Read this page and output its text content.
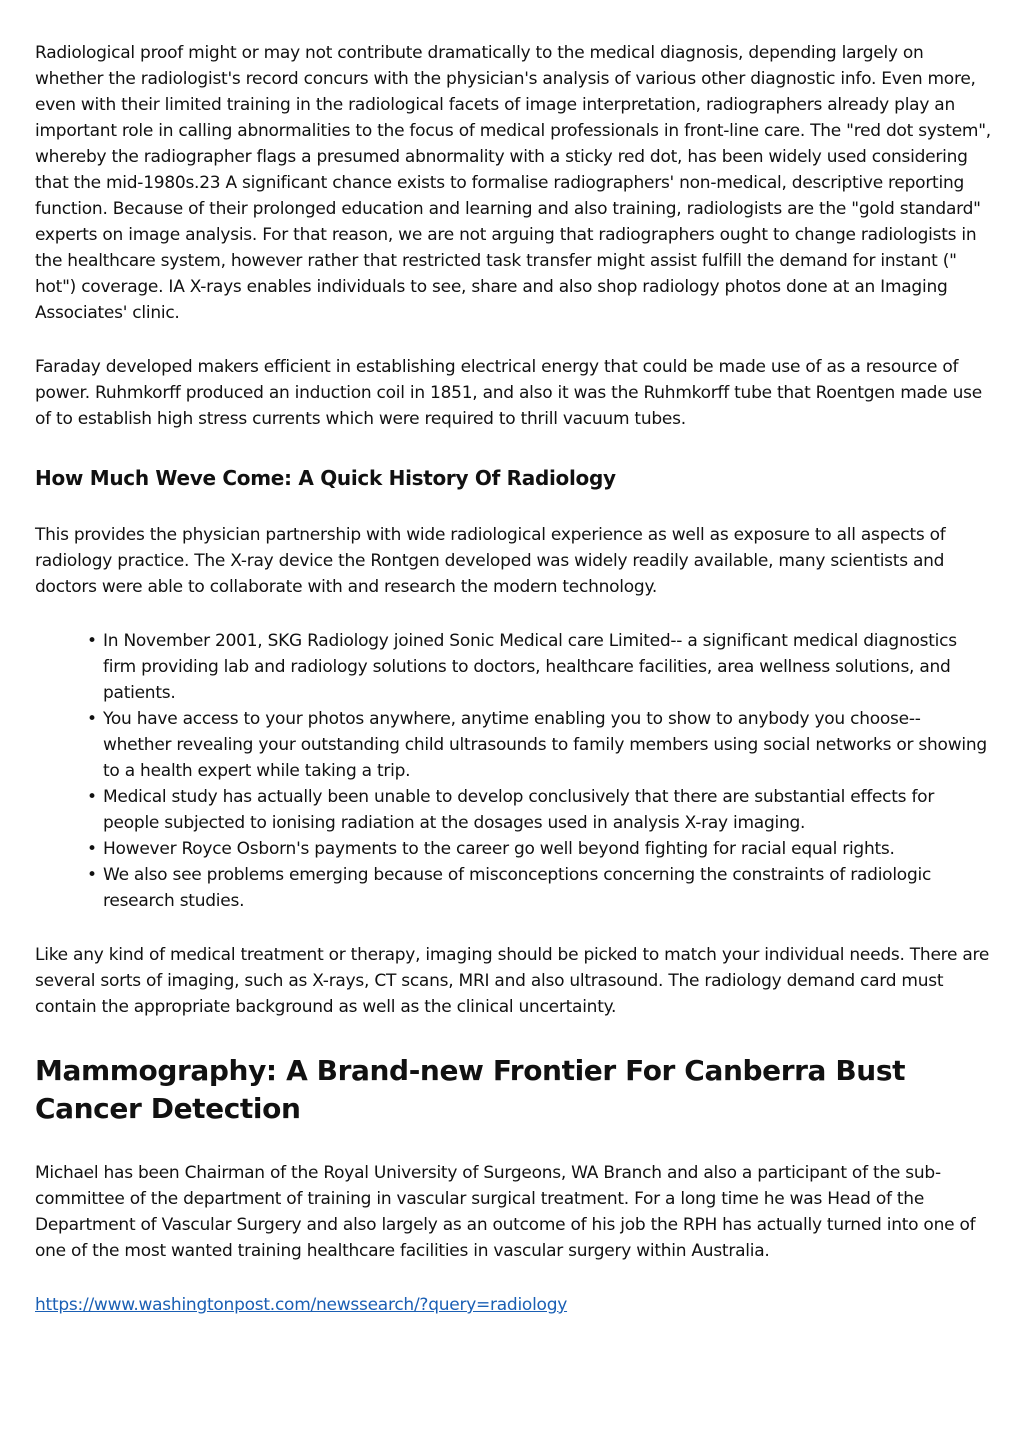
Radiological proof might or may not contribute dramatically to the medical diagnosis, depending largely on whether the radiologist's record concurs with the physician's analysis of various other diagnostic info. Even more, even with their limited training in the radiological facets of image interpretation, radiographers already play an important role in calling abnormalities to the focus of medical professionals in front-line care. The "red dot system", whereby the radiographer flags a presumed abnormality with a sticky red dot, has been widely used considering that the mid-1980s.23 A significant chance exists to formalise radiographers' non-medical, descriptive reporting function. Because of their prolonged education and learning and also training, radiologists are the "gold standard" experts on image analysis. For that reason, we are not arguing that radiographers ought to change radiologists in the healthcare system, however rather that restricted task transfer might assist fulfill the demand for instant (" hot") coverage. IA X-rays enables individuals to see, share and also shop radiology photos done at an Imaging Associates' clinic.

Faraday developed makers efficient in establishing electrical energy that could be made use of as a resource of power. Ruhmkorff produced an induction coil in 1851, and also it was the Ruhmkorff tube that Roentgen made use of to establish high stress currents which were required to thrill vacuum tubes.

How Much Weve Come: A Quick History Of Radiology

This provides the physician partnership with wide radiological experience as well as exposure to all aspects of radiology practice. The X-ray device the Rontgen developed was widely readily available, many scientists and doctors were able to collaborate with and research the modern technology.

• In November 2001, SKG Radiology joined Sonic Medical care Limited-- a significant medical diagnostics firm providing lab and radiology solutions to doctors, healthcare facilities, area wellness solutions, and patients.
• You have access to your photos anywhere, anytime enabling you to show to anybody you choose-- whether revealing your outstanding child ultrasounds to family members using social networks or showing to a health expert while taking a trip.
• Medical study has actually been unable to develop conclusively that there are substantial effects for people subjected to ionising radiation at the dosages used in analysis X-ray imaging.
• However Royce Osborn's payments to the career go well beyond fighting for racial equal rights.
• We also see problems emerging because of misconceptions concerning the constraints of radiologic research studies.

Like any kind of medical treatment or therapy, imaging should be picked to match your individual needs. There are several sorts of imaging, such as X-rays, CT scans, MRI and also ultrasound. The radiology demand card must contain the appropriate background as well as the clinical uncertainty.

Mammography: A Brand-new Frontier For Canberra Bust Cancer Detection

Michael has been Chairman of the Royal University of Surgeons, WA Branch and also a participant of the sub-committee of the department of training in vascular surgical treatment. For a long time he was Head of the Department of Vascular Surgery and also largely as an outcome of his job the RPH has actually turned into one of one of the most wanted training healthcare facilities in vascular surgery within Australia.

https://www.washingtonpost.com/newssearch/?query=radiology
